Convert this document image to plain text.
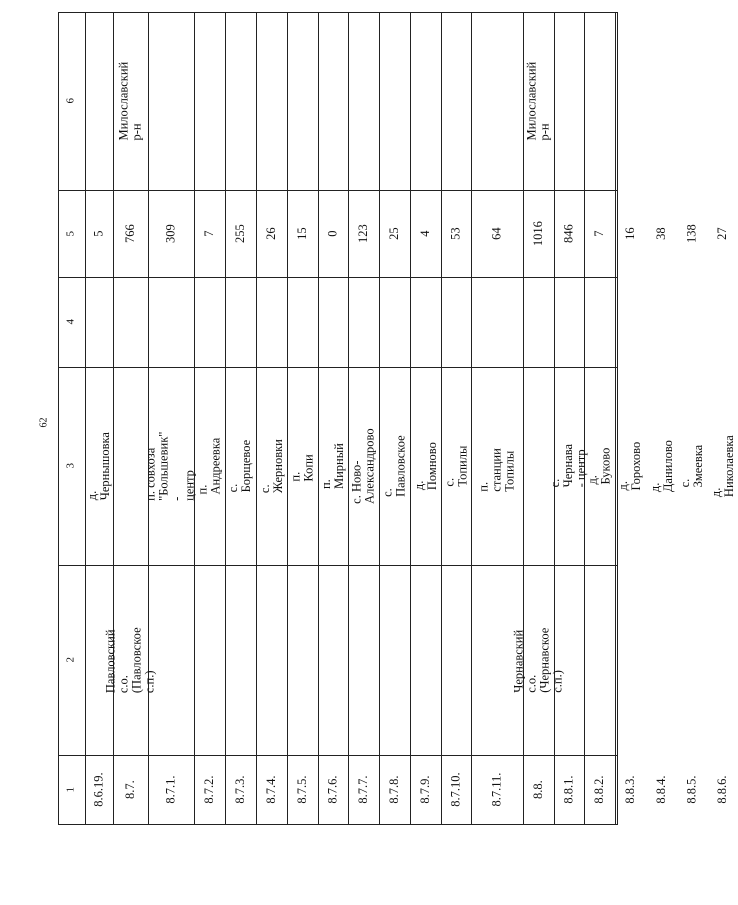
62
1
2
3
4
5
6
8.6.19.
д. Чернышовка
5
8.7.
Павловский с.о.
(Павловское с.п.)
766
Милославский р-н
8.7.1.
п. совхоза "Большевик" -
центр
309
8.7.2.
п. Андреевка
7
8.7.3.
с. Борщевое
255
8.7.4.
с. Жерновки
26
8.7.5.
п. Копи
15
8.7.6.
п. Мирный
0
8.7.7.
с. Ново-Александрово
123
8.7.8.
с. Павловское
25
8.7.9.
д. Помново
4
8.7.10.
с. Топилы
53
8.7.11.
п. станции Топилы
64
8.8.
Чернавский с.о.
(Чернавское с.п.)
1016
Милославский р-н
8.8.1.
с. Чернава - центр
846
8.8.2.
д. Буково
7
8.8.3.
д. Горохово
16
8.8.4.
д. Данилово
38
8.8.5.
с. Змеевка
138
8.8.6.
д. Николаевка
27
